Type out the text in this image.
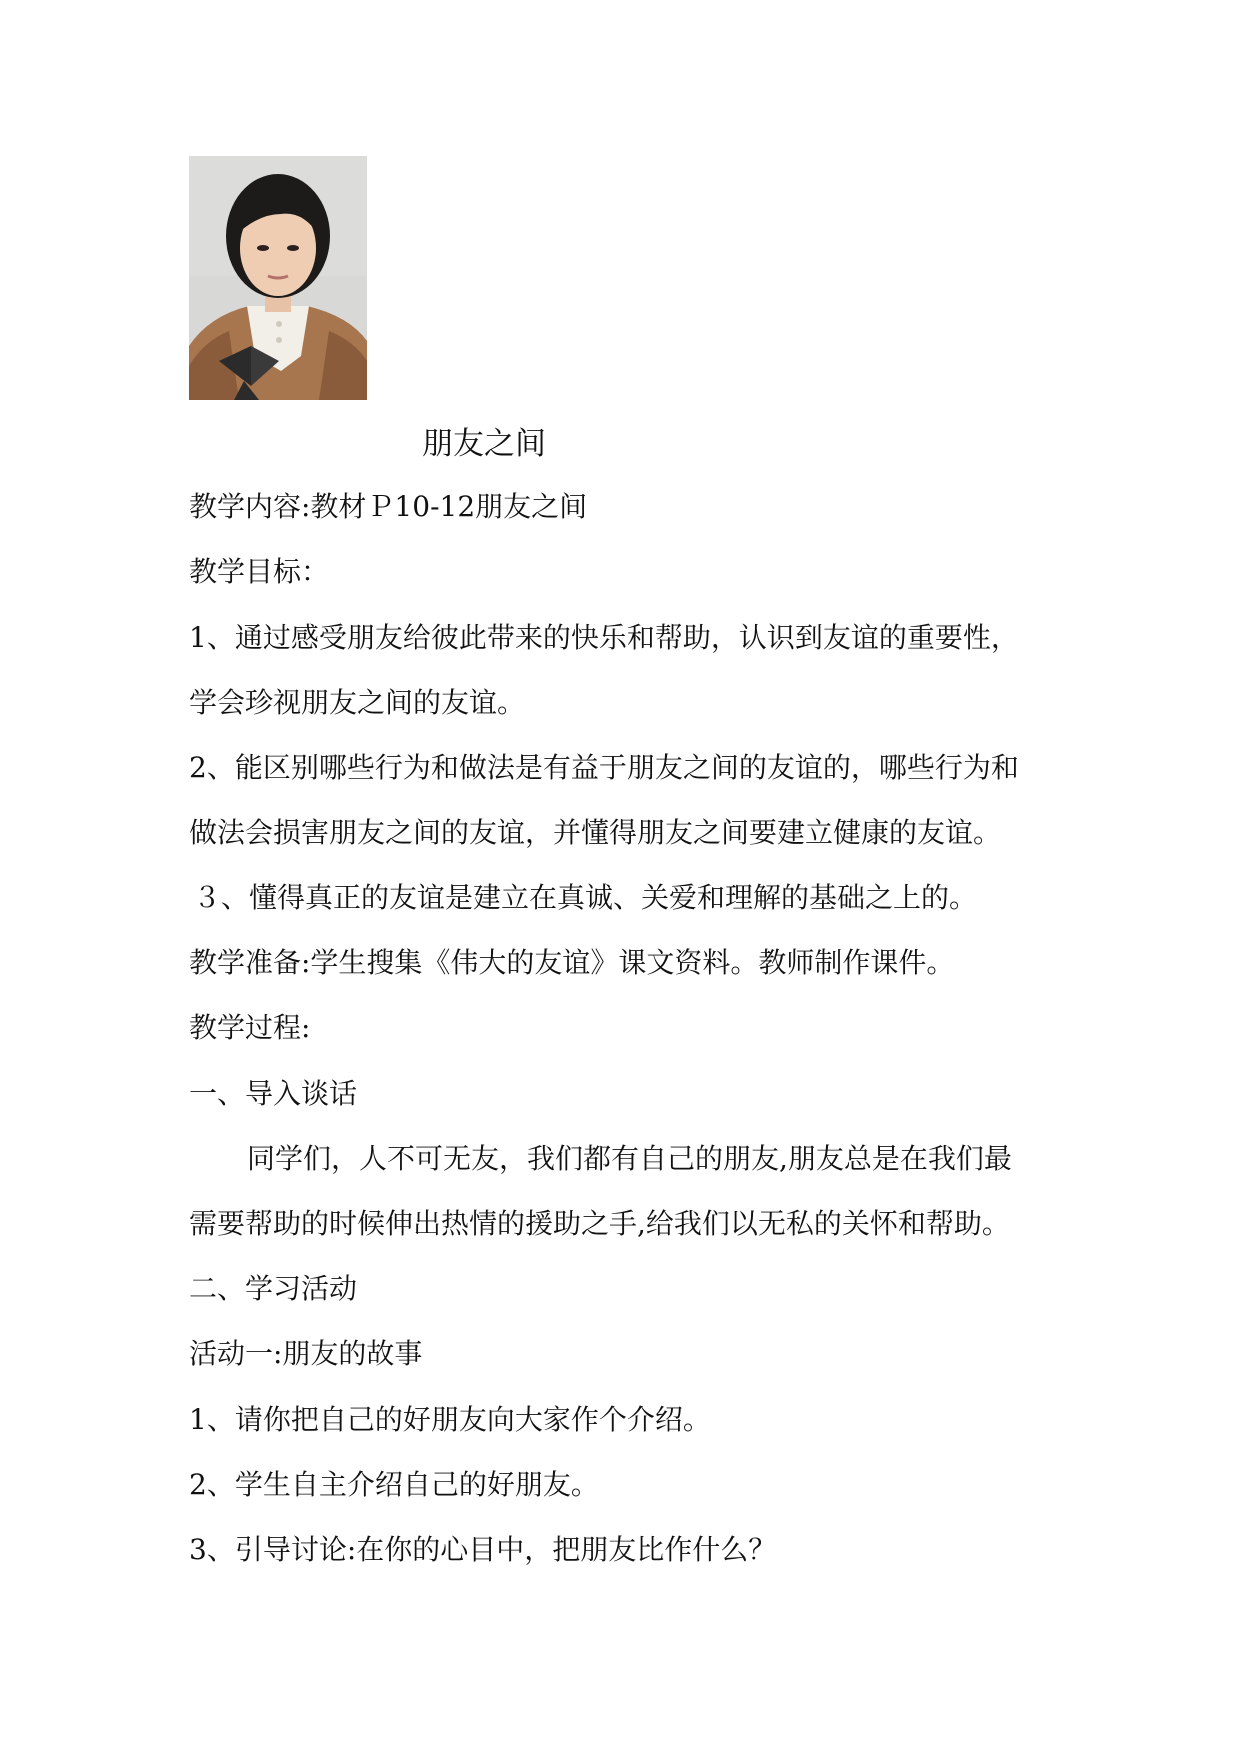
朋友之间
教学内容:教材Ｐ10-12朋友之间
教学目标：
1、通过感受朋友给彼此带来的快乐和帮助，认识到友谊的重要性，
学会珍视朋友之间的友谊。
2、能区别哪些行为和做法是有益于朋友之间的友谊的，哪些行为和
做法会损害朋友之间的友谊，并懂得朋友之间要建立健康的友谊。
３、懂得真正的友谊是建立在真诚、关爱和理解的基础之上的。
教学准备:学生搜集《伟大的友谊》课文资料。教师制作课件。
教学过程:
一、导入谈话
同学们，人不可无友，我们都有自己的朋友,朋友总是在我们最
需要帮助的时候伸出热情的援助之手,给我们以无私的关怀和帮助。
二、学习活动
活动一:朋友的故事
1、请你把自己的好朋友向大家作个介绍。
2、学生自主介绍自己的好朋友。
3、引导讨论:在你的心目中，把朋友比作什么？
